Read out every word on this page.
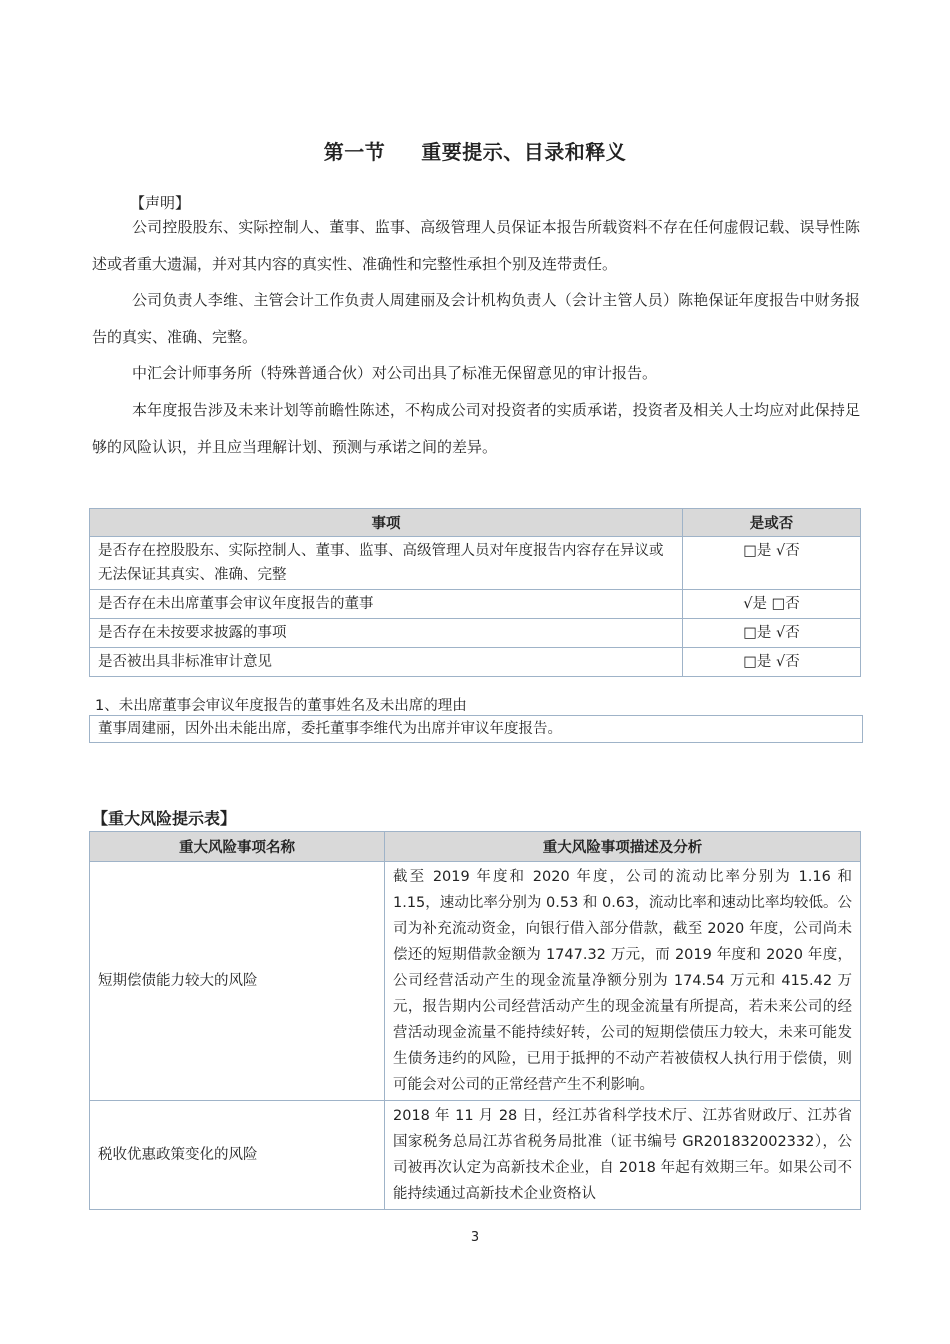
第一节 重要提示、目录和释义
【声明】

公司控股股东、实际控制人、董事、监事、高级管理人员保证本报告所载资料不存在任何虚假记载、误导性陈述或者重大遗漏，并对其内容的真实性、准确性和完整性承担个别及连带责任。

公司负责人李维、主管会计工作负责人周建丽及会计机构负责人（会计主管人员）陈艳保证年度报告中财务报告的真实、准确、完整。

中汇会计师事务所（特殊普通合伙）对公司出具了标准无保留意见的审计报告。

本年度报告涉及未来计划等前瞻性陈述，不构成公司对投资者的实质承诺，投资者及相关人士均应对此保持足够的风险认识，并且应当理解计划、预测与承诺之间的差异。

事项	是或否
是否存在控股股东、实际控制人、董事、监事、高级管理人员对年度报告内容存在异议或无法保证其真实、准确、完整	□是 √否
是否存在未出席董事会审议年度报告的董事	√是 □否
是否存在未按要求披露的事项	□是 √否
是否被出具非标准审计意见	□是 √否
1、未出席董事会审议年度报告的董事姓名及未出席的理由
董事周建丽，因外出未能出席，委托董事李维代为出席并审议年度报告。
【重大风险提示表】
重大风险事项名称	重大风险事项描述及分析
短期偿债能力较大的风险	截至 2019 年度和 2020 年度，公司的流动比率分别为 1.16 和 1.15，速动比率分别为 0.53 和 0.63，流动比率和速动比率均较低。公司为补充流动资金，向银行借入部分借款，截至 2020 年度，公司尚未偿还的短期借款金额为 1747.32 万元，而 2019 年度和 2020 年度，公司经营活动产生的现金流量净额分别为 174.54 万元和 415.42 万元，报告期内公司经营活动产生的现金流量有所提高，若未来公司的经营活动现金流量不能持续好转，公司的短期偿债压力较大，未来可能发生债务违约的风险，已用于抵押的不动产若被债权人执行用于偿债，则可能会对公司的正常经营产生不利影响。
税收优惠政策变化的风险	2018 年 11 月 28 日，经江苏省科学技术厅、江苏省财政厅、江苏省国家税务总局江苏省税务局批准（证书编号 GR201832002332），公司被再次认定为高新技术企业，自 2018 年起有效期三年。如果公司不能持续通过高新技术企业资格认
3
